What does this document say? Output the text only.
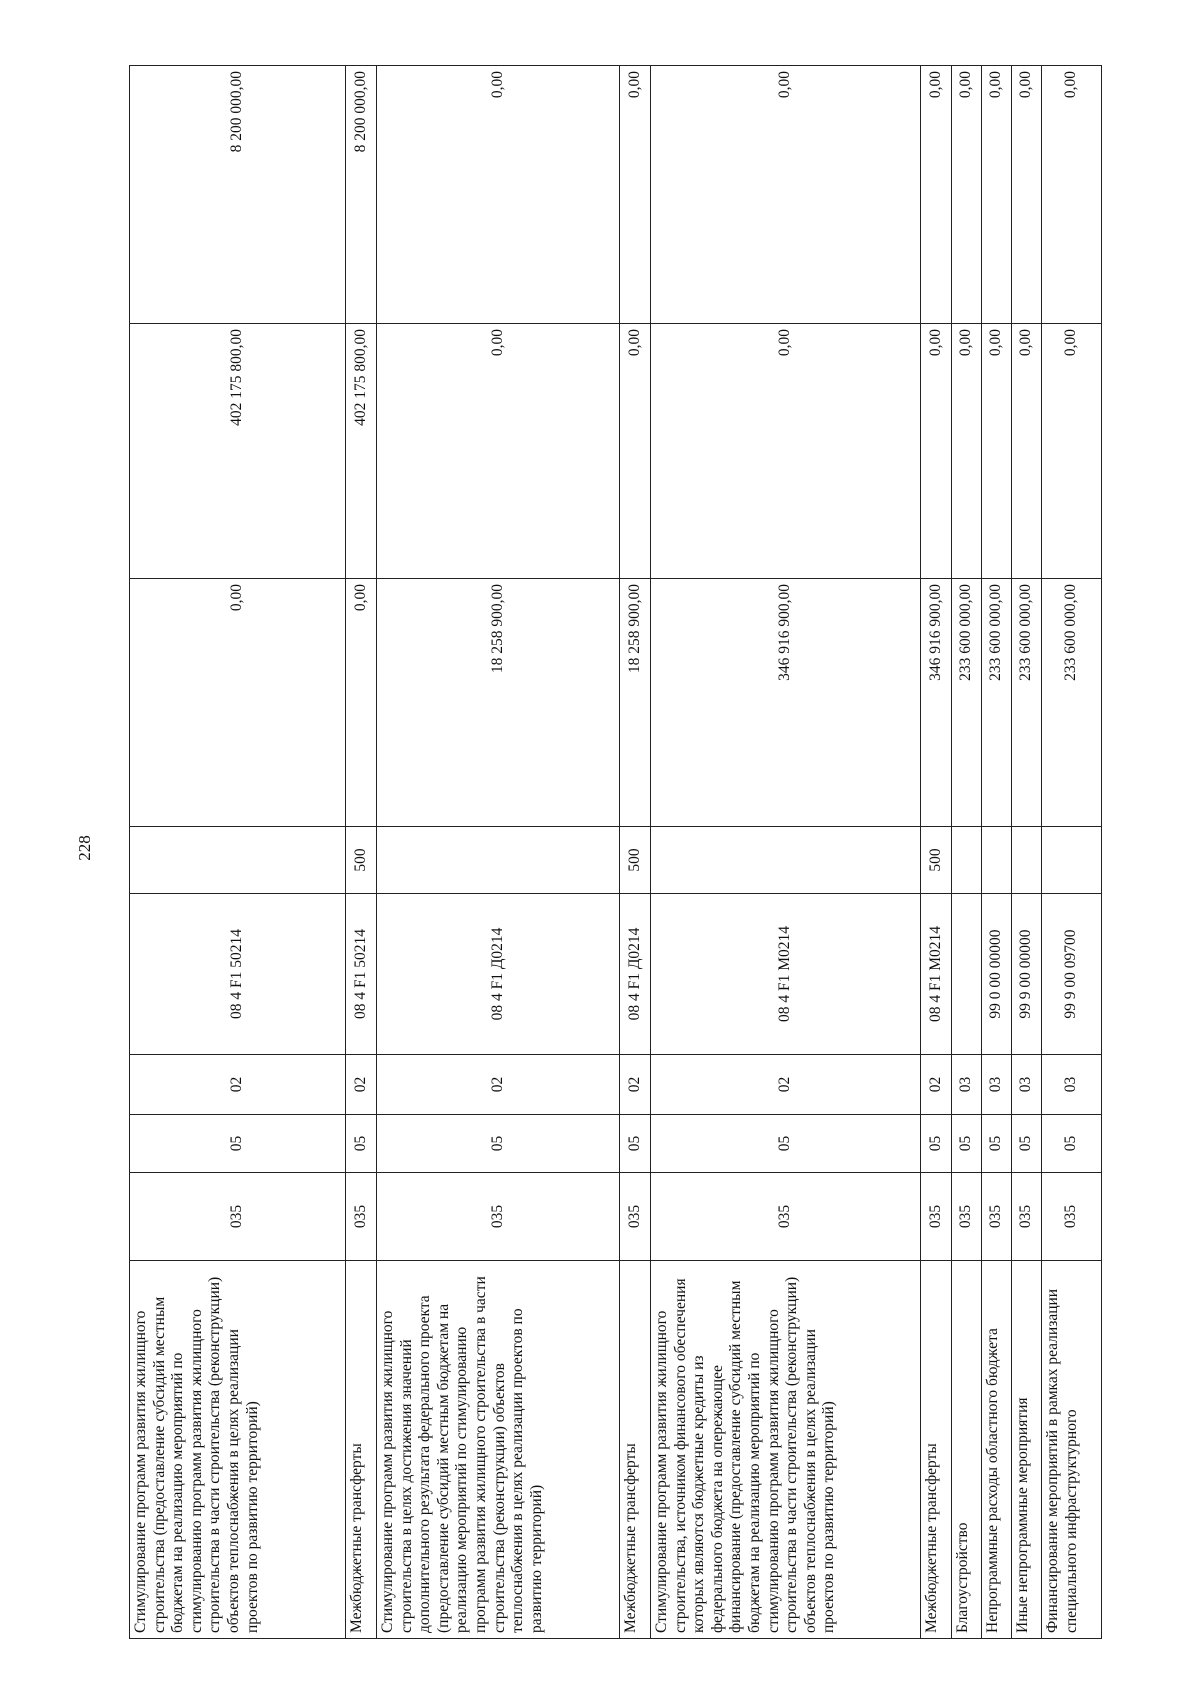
228
Стимулирование программ развития жилищного строительства (предоставление субсидий местным бюджетам на реализацию мероприятий по стимулированию программ развития жилищного строительства в части строительства (реконструкции) объектов теплоснабжения в целях реализации проектов по развитию территорий)	035	05	02	08 4 F1 50214		0,00	402 175 800,00	8 200 000,00
Межбюджетные трансферты	035	05	02	08 4 F1 50214	500	0,00	402 175 800,00	8 200 000,00
Стимулирование программ развития жилищного строительства в целях достижения значений дополнительного результата федерального проекта (предоставление субсидий местным бюджетам на реализацию мероприятий по стимулированию программ развития жилищного строительства в части строительства (реконструкции) объектов теплоснабжения в целях реализации проектов по развитию территорий)	035	05	02	08 4 F1 Д0214		18 258 900,00	0,00	0,00
Межбюджетные трансферты	035	05	02	08 4 F1 Д0214	500	18 258 900,00	0,00	0,00
Стимулирование программ развития жилищного строительства, источником финансового обеспечения которых являются бюджетные кредиты из федерального бюджета на опережающее финансирование (предоставление субсидий местным бюджетам на реализацию мероприятий по стимулированию программ развития жилищного строительства в части строительства (реконструкции) объектов теплоснабжения в целях реализации проектов по развитию территорий)	035	05	02	08 4 F1 M0214		346 916 900,00	0,00	0,00
Межбюджетные трансферты	035	05	02	08 4 F1 M0214	500	346 916 900,00	0,00	0,00
Благоустройство	035	05	03			233 600 000,00	0,00	0,00
Непрограммные расходы областного бюджета	035	05	03	99 0 00 00000		233 600 000,00	0,00	0,00
Иные непрограммные мероприятия	035	05	03	99 9 00 00000		233 600 000,00	0,00	0,00
Финансирование мероприятий в рамках реализации специального инфраструктурного	035	05	03	99 9 00 09700		233 600 000,00	0,00	0,00
